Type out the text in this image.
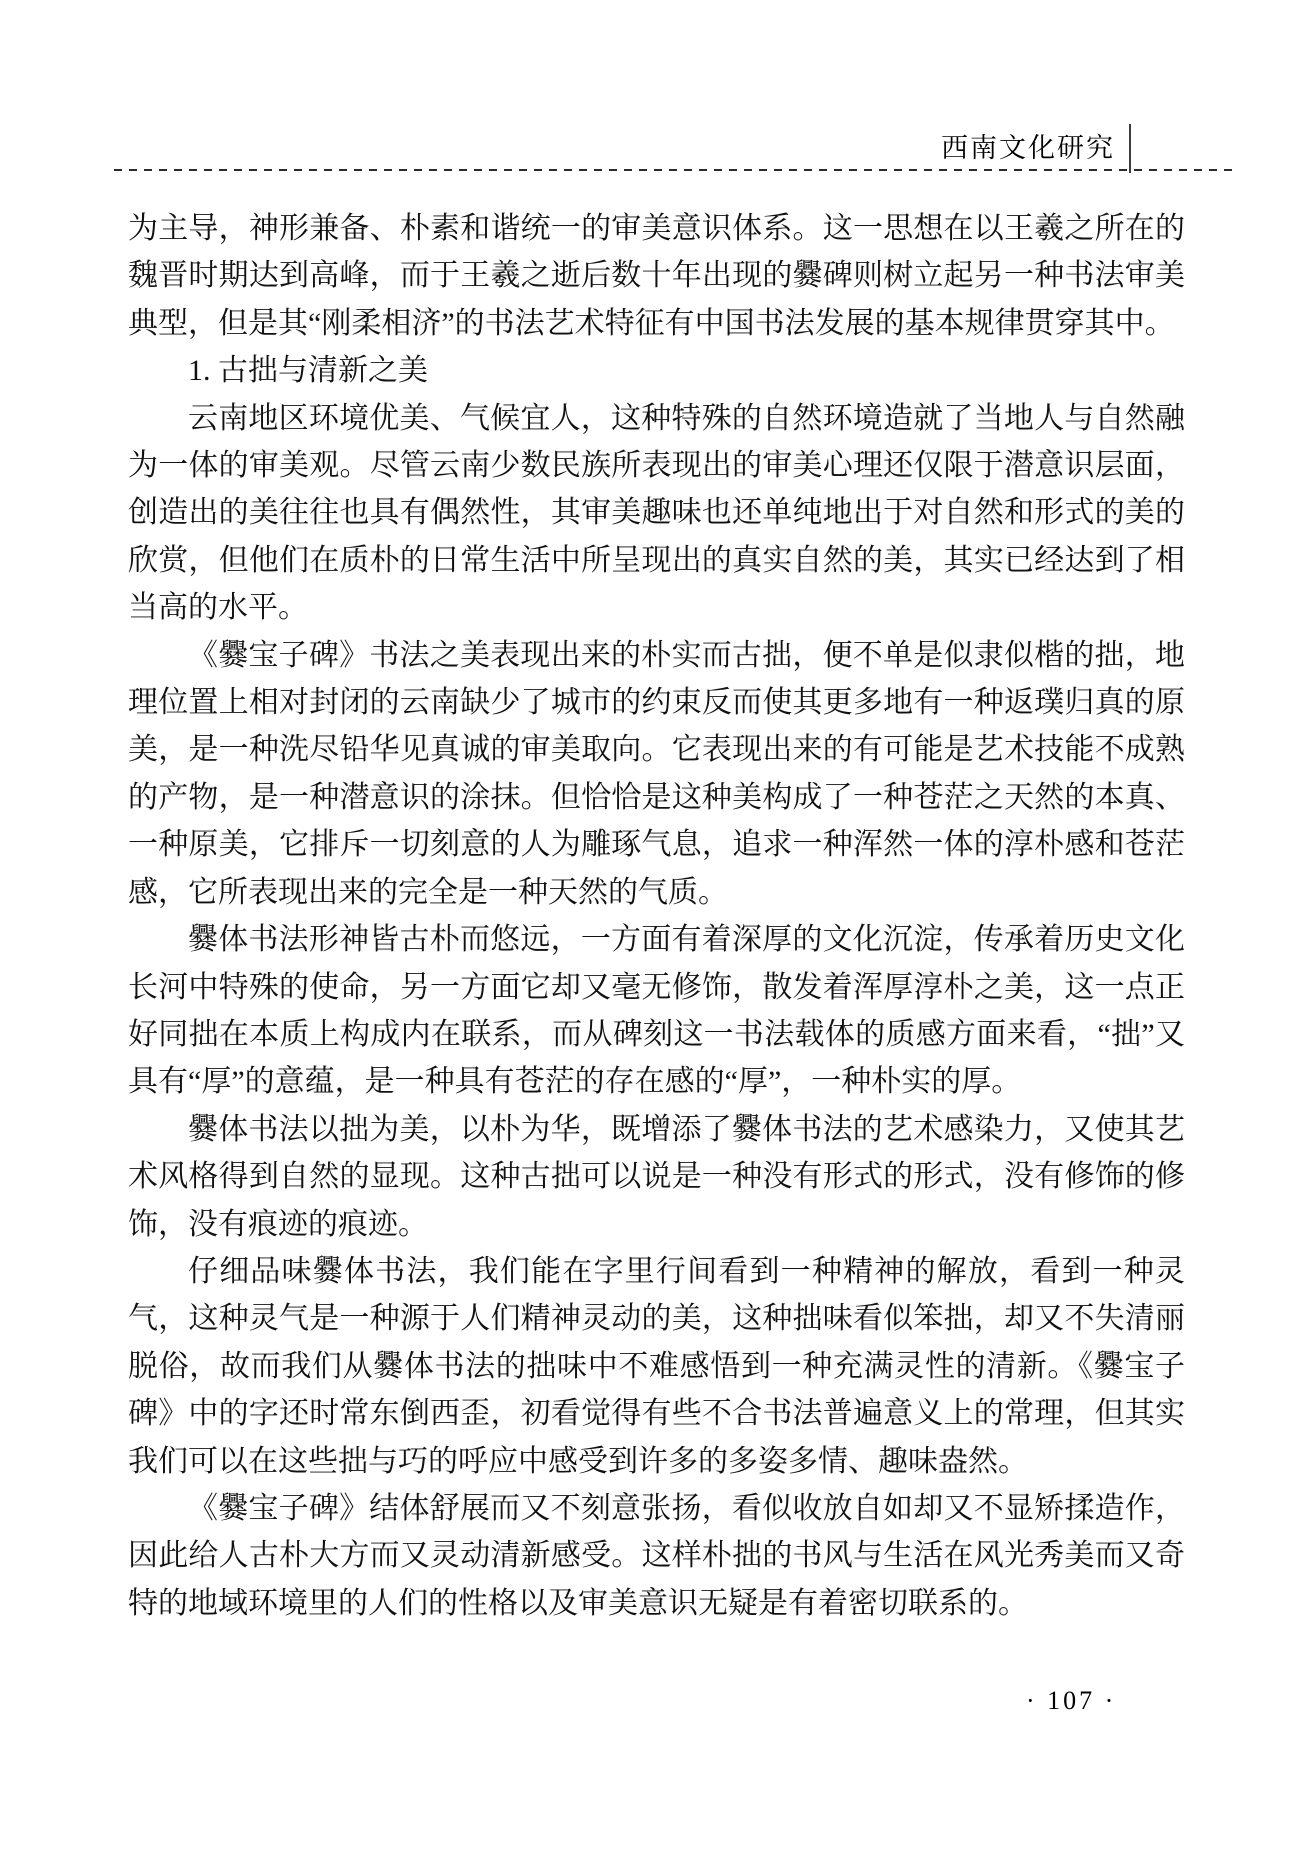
西南文化研究

为主导，神形兼备、朴素和谐统一的审美意识体系。这一思想在以王羲之所在的魏晋时期达到高峰，而于王羲之逝后数十年出现的爨碑则树立起另一种书法审美典型，但是其“刚柔相济”的书法艺术特征有中国书法发展的基本规律贯穿其中。

1. 古拙与清新之美

云南地区环境优美、气候宜人，这种特殊的自然环境造就了当地人与自然融为一体的审美观。尽管云南少数民族所表现出的审美心理还仅限于潜意识层面，创造出的美往往也具有偶然性，其审美趣味也还单纯地出于对自然和形式的美的欣赏，但他们在质朴的日常生活中所呈现出的真实自然的美，其实已经达到了相当高的水平。

《爨宝子碑》书法之美表现出来的朴实而古拙，便不单是似隶似楷的拙，地理位置上相对封闭的云南缺少了城市的约束反而使其更多地有一种返璞归真的原美，是一种洗尽铅华见真诚的审美取向。它表现出来的有可能是艺术技能不成熟的产物，是一种潜意识的涂抹。但恰恰是这种美构成了一种苍茫之天然的本真、一种原美，它排斥一切刻意的人为雕琢气息，追求一种浑然一体的淳朴感和苍茫感，它所表现出来的完全是一种天然的气质。

爨体书法形神皆古朴而悠远，一方面有着深厚的文化沉淀，传承着历史文化长河中特殊的使命，另一方面它却又毫无修饰，散发着浑厚淳朴之美，这一点正好同拙在本质上构成内在联系，而从碑刻这一书法载体的质感方面来看，“拙”又具有“厚”的意蕴，是一种具有苍茫的存在感的“厚”，一种朴实的厚。

爨体书法以拙为美，以朴为华，既增添了爨体书法的艺术感染力，又使其艺术风格得到自然的显现。这种古拙可以说是一种没有形式的形式，没有修饰的修饰，没有痕迹的痕迹。

仔细品味爨体书法，我们能在字里行间看到一种精神的解放，看到一种灵气，这种灵气是一种源于人们精神灵动的美，这种拙味看似笨拙，却又不失清丽脱俗，故而我们从爨体书法的拙味中不难感悟到一种充满灵性的清新。《爨宝子碑》中的字还时常东倒西歪，初看觉得有些不合书法普遍意义上的常理，但其实我们可以在这些拙与巧的呼应中感受到许多的多姿多情、趣味盎然。

《爨宝子碑》结体舒展而又不刻意张扬，看似收放自如却又不显矫揉造作，因此给人古朴大方而又灵动清新感受。这样朴拙的书风与生活在风光秀美而又奇特的地域环境里的人们的性格以及审美意识无疑是有着密切联系的。

· 107 ·
